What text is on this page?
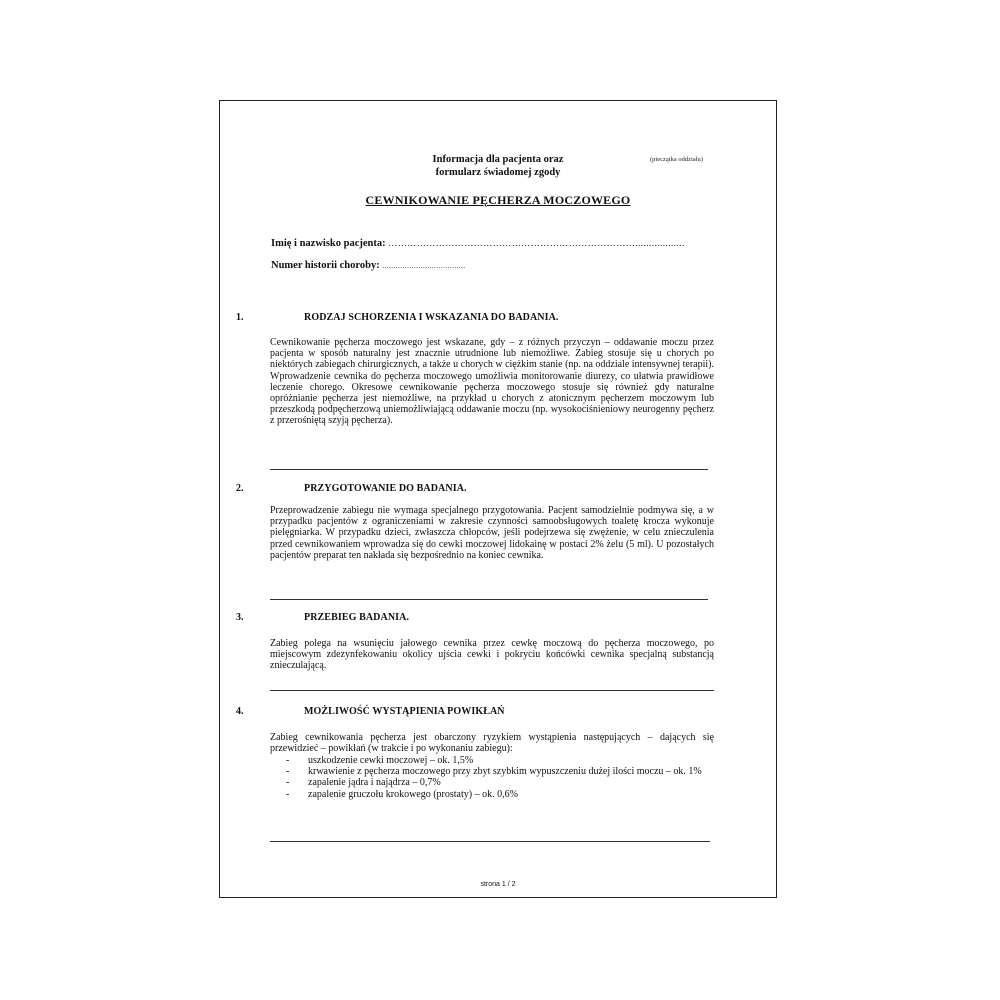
Informacja dla pacjenta oraz
formularz świadomej zgody
(pieczątka oddziału)
CEWNIKOWANIE PĘCHERZA MOCZOWEGO
Imię i nazwisko pacjenta: ……………………………………………………………………..................
Numer historii choroby: .....................................
1.	RODZAJ SCHORZENIA I WSKAZANIA DO BADANIA.
Cewnikowanie pęcherza moczowego jest wskazane, gdy – z różnych przyczyn – oddawanie moczu przez pacjenta w sposób naturalny jest znacznie utrudnione lub niemożliwe. Zabieg stosuje się u chorych po niektórych zabiegach chirurgicznych, a także u chorych w ciężkim stanie (np. na oddziale intensywnej terapii). Wprowadzenie cewnika do pęcherza moczowego umożliwia monitorowanie diurezy, co ułatwia prawidłowe leczenie chorego. Okresowe cewnikowanie pęcherza moczowego stosuje się również gdy naturalne opróżnianie pęcherza jest niemożliwe, na przykład u chorych z atonicznym pęcherzem moczowym lub przeszkodą podpęcherzową uniemożliwiającą oddawanie moczu (np. wysokociśnieniowy neurogenny pęcherz z przerośniętą szyją pęcherza).
2.	PRZYGOTOWANIE DO BADANIA.
Przeprowadzenie zabiegu nie wymaga specjalnego przygotowania. Pacjent samodzielnie podmywa się, a w przypadku pacjentów z ograniczeniami w zakresie czynności samoobsługowych toaletę krocza wykonuje pielęgniarka. W przypadku dzieci, zwłaszcza chłopców, jeśli podejrzewa się zwężenie, w celu znieczulenia przed cewnikowaniem wprowadza się do cewki moczowej lidokainę w postaci 2% żelu (5 ml). U pozostałych pacjentów preparat ten nakłada się bezpośrednio na koniec cewnika.
3.	PRZEBIEG BADANIA.
Zabieg polega na wsunięciu jałowego cewnika przez cewkę moczową do pęcherza moczowego, po miejscowym zdezynfekowaniu okolicy ujścia cewki i pokryciu końcówki cewnika specjalną substancją znieczulającą.
4.	MOŻLIWOŚĆ WYSTĄPIENIA POWIKŁAŃ
Zabieg cewnikowania pęcherza jest obarczony ryzykiem wystąpienia następujących – dających się przewidzieć – powikłań (w trakcie i po wykonaniu zabiegu):
-	uszkodzenie cewki moczowej – ok. 1,5%
-	krwawienie z pęcherza moczowego przy zbyt szybkim wypuszczeniu dużej ilości moczu – ok. 1%
-	zapalenie jądra i najądrza – 0,7%
-	zapalenie gruczołu krokowego (prostaty) – ok. 0,6%
strona 1 / 2
